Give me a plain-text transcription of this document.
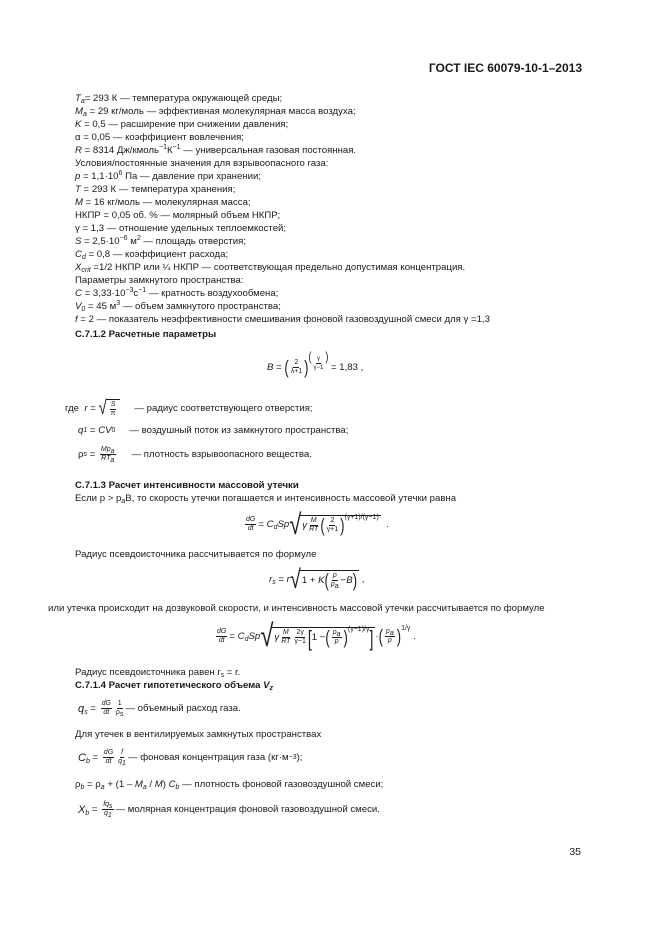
ГОСТ IEC 60079-10-1–2013
$T_a= 293$ К — температура окружающей среды;
$M_a = 29$ кг/моль — эффективная молекулярная масса воздуха;
K = 0,5 — расширение при снижении давления;
α = 0,05 — коэффициент вовлечения;
R = 8314 $Дж/кмоль^{-1}К^{-1}$ — универсальная газовая постоянная.
Условия/постоянные значения для взрывоопасного газа:
$p = 1,1\cdot 10^6$ Па — давление при хранении;
T = 293 К — температура хранения;
M = 16 кг/моль — молекулярная масса;
НКПР = 0,05 об. % — молярный объем НКПР;
γ = 1,3 — отношение удельных теплоемкостей;
$S = 2,5\cdot 10^{-6}$ $м^2$ — площадь отверстия;
$C_d = 0,8$ — коэффициент расхода;
$X_{crit} =1/2$ НКПР или ¼ НКПР — соответствующая предельно допустимая концентрация.
Параметры замкнутого пространства:
$C = 3,33\cdot 10^{-3}с^{-1}$ — кратность воздухообмена;
$V_0 = 45$ $м^3$ — объем замкнутого пространства;
f = 2 — показатель неэффективности смешивания фоновой газовоздушной смеси для γ =1,3
С.7.1.2 Расчетные параметры
B = ( 2
λ+1 ) ( $\frac{\gamma}{\gamma-1}$ )

= 1,83 ,
где
r = √ S
π — радиус соответствующего отверстия;
q 1 = CV 0 — воздушный поток из замкнутого пространства;
ρ $s = Mp_a$
$RT_a$
— плотность взрывоопасного вещества.
С.7.1.3 Расчет интенсивности массовой утечки
Если $p > p_aB$, то скорость утечки погашается и интенсивность массовой утечки равна
dG
dt = $C_dSp$ √ γ M
RT ( 2
γ+1 ) (γ+1)/(γ−1)
.
Радиус псевдоисточника рассчитывается по формуле
$r_s = r$ √ 1 + K ( p
$p_a$
− B ) ,
или утечка происходит на дозвуковой скорости, и интенсивность массовой утечки рассчитывается по формуле
dG
dt = $C_dSp$ √ γ M
RT
2γ
γ−1 [ 1 − ( $p_a$
p ) (γ−1)/γ ] · ( $p_a$
p ) 1/γ
.
Радиус псевдоисточника равен $r_s = r$.
С.7.1.4 Расчет гипотетического объема $V_z$
$q_s$ = dG
dt
1
$\rho_s$
— объемный расход газа.
Для утечек в вентилируемых замкнутых пространствах
$C_b$ = dG
dt
f
$q_1$
— фоновая концентрация газа (кг·м −3 );
$\rho_b = \rho_a + (1 - M_a / M)$ $C_b$ — плотность фоновой газовоздушной смеси;
$X_b = fq_s$
$q_1$
— молярная концентрация фоновой газовоздушной смеси.
35
